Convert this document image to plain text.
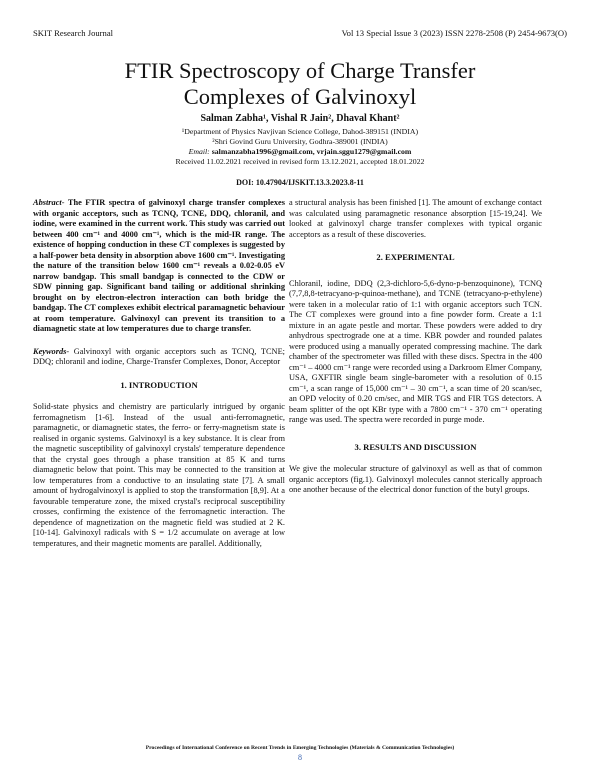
SKIT Research Journal	Vol 13 Special Issue 3 (2023) ISSN 2278-2508 (P) 2454-9673(O)
FTIR Spectroscopy of Charge Transfer
Complexes of Galvinoxyl
Salman Zabha¹, Vishal R Jain², Dhaval Khant²
¹Department of Physics Navjivan Science College, Dahod-389151 (INDIA)
²Shri Govind Guru University, Godhra-389001 (INDIA)
Email: salmanzabha1996@gmail.com, vrjain.sggu1279@gmail.com
Received 11.02.2021 received in revised form 13.12.2021, accepted 18.01.2022
DOI: 10.47904/IJSKIT.13.3.2023.8-11

Abstract- The FTIR spectra of galvinoxyl charge transfer complexes with organic acceptors, such as TCNQ, TCNE, DDQ, chloranil, and iodine, were examined in the current work. This study was carried out between 400 cm⁻¹ and 4000 cm⁻¹, which is the mid-IR range. The existence of hopping conduction in these CT complexes is suggested by a half-power beta density in absorption above 1600 cm⁻¹. Investigating the nature of the transition below 1600 cm⁻¹ reveals a 0.02-0.05 eV narrow bandgap. This small bandgap is connected to the CDW or SDW pinning gap. Significant band tailing or additional shrinking brought on by electron-electron interaction can both bridge the bandgap. The CT complexes exhibit electrical paramagnetic behaviour at room temperature. Galvinoxyl can prevent its transition to a diamagnetic state at low temperatures due to charge transfer.

Keywords- Galvinoxyl with organic acceptors such as TCNQ, TCNE; DDQ; chloranil and iodine, Charge-Transfer Complexes, Donor, Acceptor

1. INTRODUCTION

Solid-state physics and chemistry are particularly intrigued by organic ferromagnetism [1-6]. Instead of the usual anti-ferromagnetic, paramagnetic, or diamagnetic states, the ferro- or ferry-magnetism state is realised in organic systems. Galvinoxyl is a key substance. It is clear from the magnetic susceptibility of galvinoxyl crystals' temperature dependence that the crystal goes through a phase transition at 85 K and turns diamagnetic below that point. This may be connected to the transition at low temperatures from a conductive to an insulating state [7]. A small amount of hydrogalvinoxyl is applied to stop the transformation [8,9]. At a favourable temperature zone, the mixed crystal's reciprocal susceptibility crosses, confirming the existence of the ferromagnetic interaction. The dependence of magnetization on the magnetic field was studied at 2 K. [10-14]. Galvinoxyl radicals with S = 1/2 accumulate on average at low temperatures, and their magnetic moments are parallel. Additionally,

a structural analysis has been finished [1]. The amount of exchange contact was calculated using paramagnetic resonance absorption [15-19,24]. We looked at galvinoxyl charge transfer complexes with typical organic acceptors as a result of these discoveries.

2. EXPERIMENTAL

Chloranil, iodine, DDQ (2,3-dichloro-5,6-dyno-p-benzoquinone), TCNQ (7,7,8,8-tetracyano-p-quinoa-methane), and TCNE (tetracyano-p-ethylene) were taken in a molecular ratio of 1:1 with organic acceptors such TCN. The CT complexes were ground into a fine powder form. Create a 1:1 mixture in an agate pestle and mortar. These powders were added to dry anhydrous spectrograde one at a time. KBR powder and rounded palates were produced using a manually operated compressing machine. The dark chamber of the spectrometer was filled with these discs. Spectra in the 400 cm⁻¹ – 4000 cm⁻¹ range were recorded using a Darkroom Elmer Company, USA, GXFTIR single beam single-barometer with a resolution of 0.15 cm⁻¹, a scan range of 15,000 cm⁻¹ – 30 cm⁻¹, a scan time of 20 scan/sec, an OPD velocity of 0.20 cm/sec, and MIR TGS and FIR TGS detectors. A beam splitter of the opt KBr type with a 7800 cm⁻¹ - 370 cm⁻¹ operating range was used. The spectra were recorded in purge mode.

3. RESULTS AND DISCUSSION

We give the molecular structure of galvinoxyl as well as that of common organic acceptors (fig.1). Galvinoxyl molecules cannot sterically approach one another because of the electrical donor function of the butyl groups.

Proceedings of International Conference on Recent Trends in Emerging Technologies (Materials & Communication Technologies)
8
